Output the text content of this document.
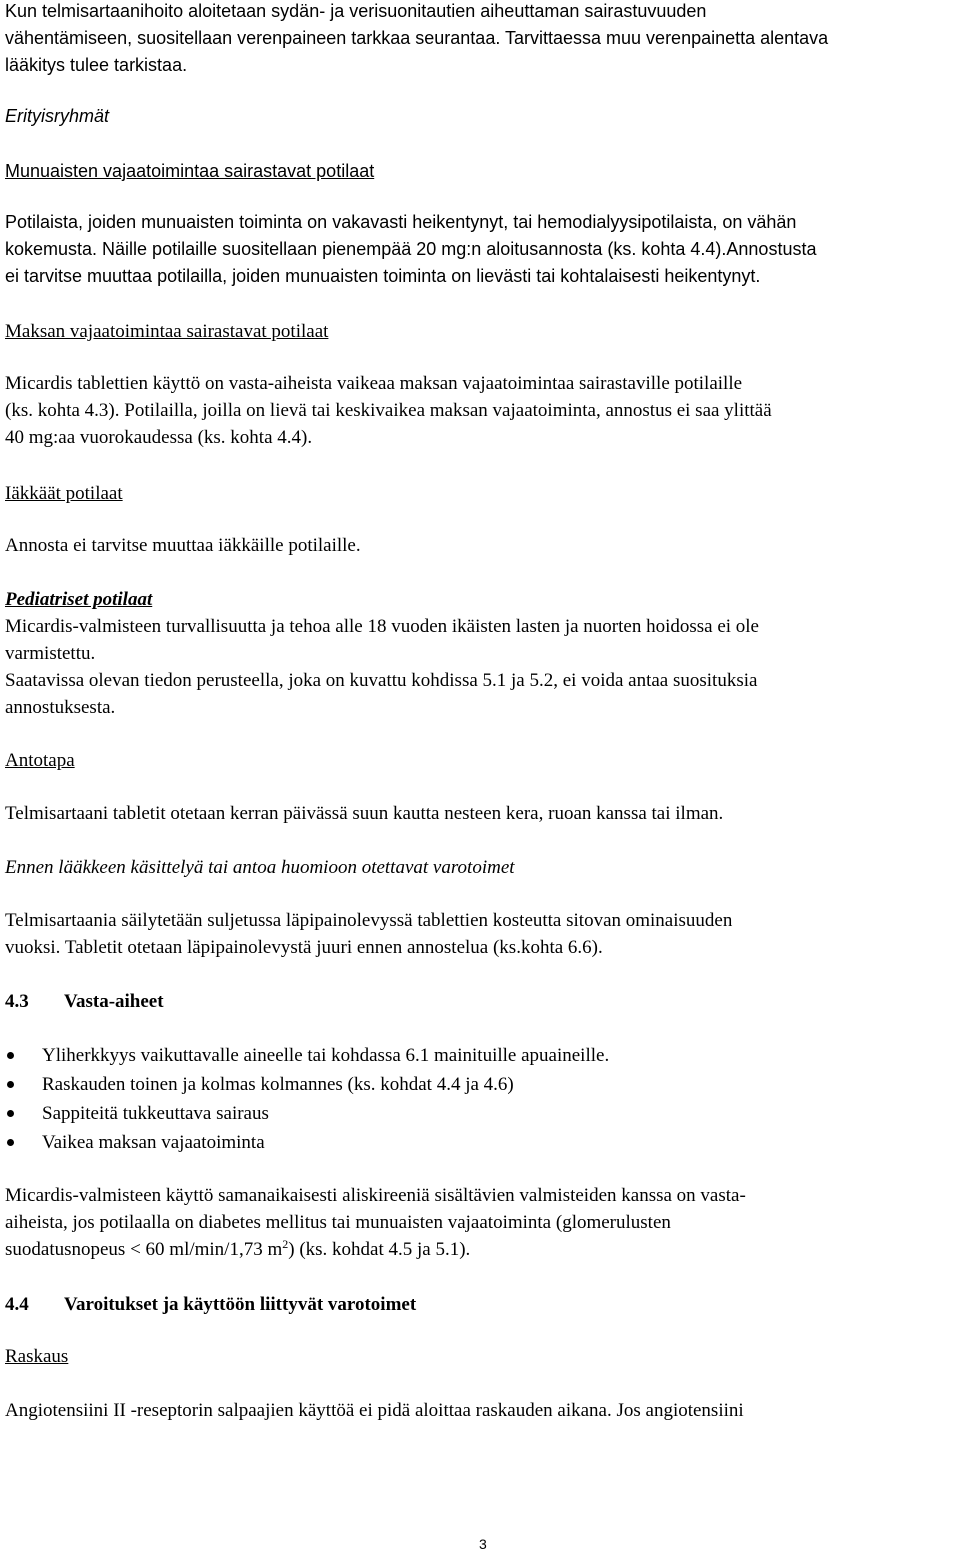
Kun telmisartaanihoito aloitetaan sydän- ja verisuonitautien aiheuttaman sairastuvuuden
vähentämiseen, suositellaan verenpaineen tarkkaa seurantaa. Tarvittaessa muu verenpainetta alentava
lääkitys tulee tarkistaa.
Erityisryhmät
Munuaisten vajaatoimintaa sairastavat potilaat
Potilaista, joiden munuaisten toiminta on vakavasti heikentynyt, tai hemodialyysipotilaista, on vähän
kokemusta. Näille potilaille suositellaan pienempää 20 mg:n aloitusannosta (ks. kohta 4.4).Annostusta
ei tarvitse muuttaa potilailla, joiden munuaisten toiminta on lievästi tai kohtalaisesti heikentynyt.
Maksan vajaatoimintaa sairastavat potilaat
Micardis tablettien käyttö on vasta-aiheista vaikeaa maksan vajaatoimintaa sairastaville potilaille
(ks. kohta 4.3). Potilailla, joilla on lievä tai keskivaikea maksan vajaatoiminta, annostus ei saa ylittää
40 mg:aa vuorokaudessa (ks. kohta 4.4).
Iäkkäät potilaat
Annosta ei tarvitse muuttaa iäkkäille potilaille.
Pediatriset potilaat
Micardis-valmisteen turvallisuutta ja tehoa alle 18 vuoden ikäisten lasten ja nuorten hoidossa ei ole
varmistettu.
Saatavissa olevan tiedon perusteella, joka on kuvattu kohdissa 5.1 ja 5.2, ei voida antaa suosituksia
annostuksesta.
Antotapa
Telmisartaani tabletit otetaan kerran päivässä suun kautta nesteen kera, ruoan kanssa tai ilman.
Ennen lääkkeen käsittelyä tai antoa huomioon otettavat varotoimet
Telmisartaania säilytetään suljetussa läpipainolevyssä tablettien kosteutta sitovan ominaisuuden
vuoksi. Tabletit otetaan läpipainolevystä juuri ennen annostelua (ks.kohta 6.6).
4.3 Vasta-aiheet
Yliherkkyys vaikuttavalle aineelle tai kohdassa 6.1 mainituille apuaineille.
Raskauden toinen ja kolmas kolmannes (ks. kohdat 4.4 ja 4.6)
Sappiteitä tukkeuttava sairaus
Vaikea maksan vajaatoiminta
Micardis-valmisteen käyttö samanaikaisesti aliskireeniä sisältävien valmisteiden kanssa on vasta-
aiheista, jos potilaalla on diabetes mellitus tai munuaisten vajaatoiminta (glomerulusten
suodatusnopeus < 60 ml/min/1,73 $m^2$) (ks. kohdat 4.5 ja 5.1).
4.4 Varoitukset ja käyttöön liittyvät varotoimet
Raskaus
Angiotensiini II -reseptorin salpaajien käyttöä ei pidä aloittaa raskauden aikana. Jos angiotensiini
3
